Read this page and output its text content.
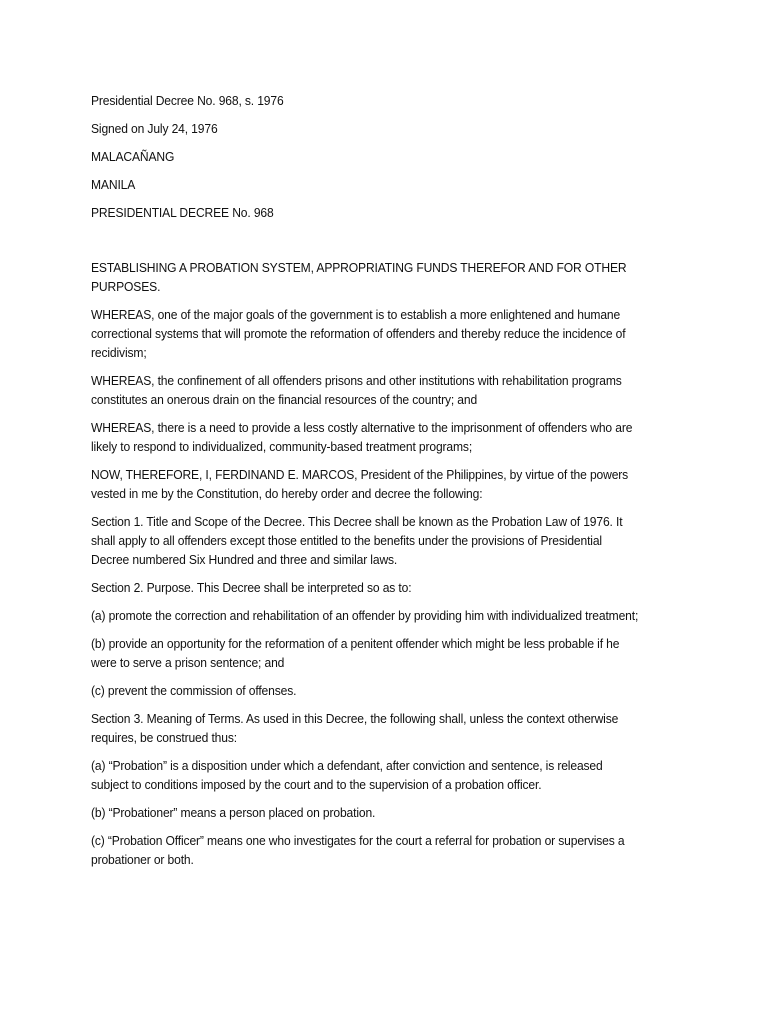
Presidential Decree No. 968, s. 1976

Signed on July 24, 1976

MALACAÑANG

MANILA

PRESIDENTIAL DECREE No. 968

ESTABLISHING A PROBATION SYSTEM, APPROPRIATING FUNDS THEREFOR AND FOR OTHER PURPOSES.

WHEREAS, one of the major goals of the government is to establish a more enlightened and humane correctional systems that will promote the reformation of offenders and thereby reduce the incidence of recidivism;

WHEREAS, the confinement of all offenders prisons and other institutions with rehabilitation programs constitutes an onerous drain on the financial resources of the country; and

WHEREAS, there is a need to provide a less costly alternative to the imprisonment of offenders who are likely to respond to individualized, community-based treatment programs;

NOW, THEREFORE, I, FERDINAND E. MARCOS, President of the Philippines, by virtue of the powers vested in me by the Constitution, do hereby order and decree the following:

Section 1. Title and Scope of the Decree. This Decree shall be known as the Probation Law of 1976. It shall apply to all offenders except those entitled to the benefits under the provisions of Presidential Decree numbered Six Hundred and three and similar laws.

Section 2. Purpose. This Decree shall be interpreted so as to:

(a) promote the correction and rehabilitation of an offender by providing him with individualized treatment;

(b) provide an opportunity for the reformation of a penitent offender which might be less probable if he were to serve a prison sentence; and

(c) prevent the commission of offenses.

Section 3. Meaning of Terms. As used in this Decree, the following shall, unless the context otherwise requires, be construed thus:

(a) “Probation” is a disposition under which a defendant, after conviction and sentence, is released subject to conditions imposed by the court and to the supervision of a probation officer.

(b) “Probationer” means a person placed on probation.

(c) “Probation Officer” means one who investigates for the court a referral for probation or supervises a probationer or both.
